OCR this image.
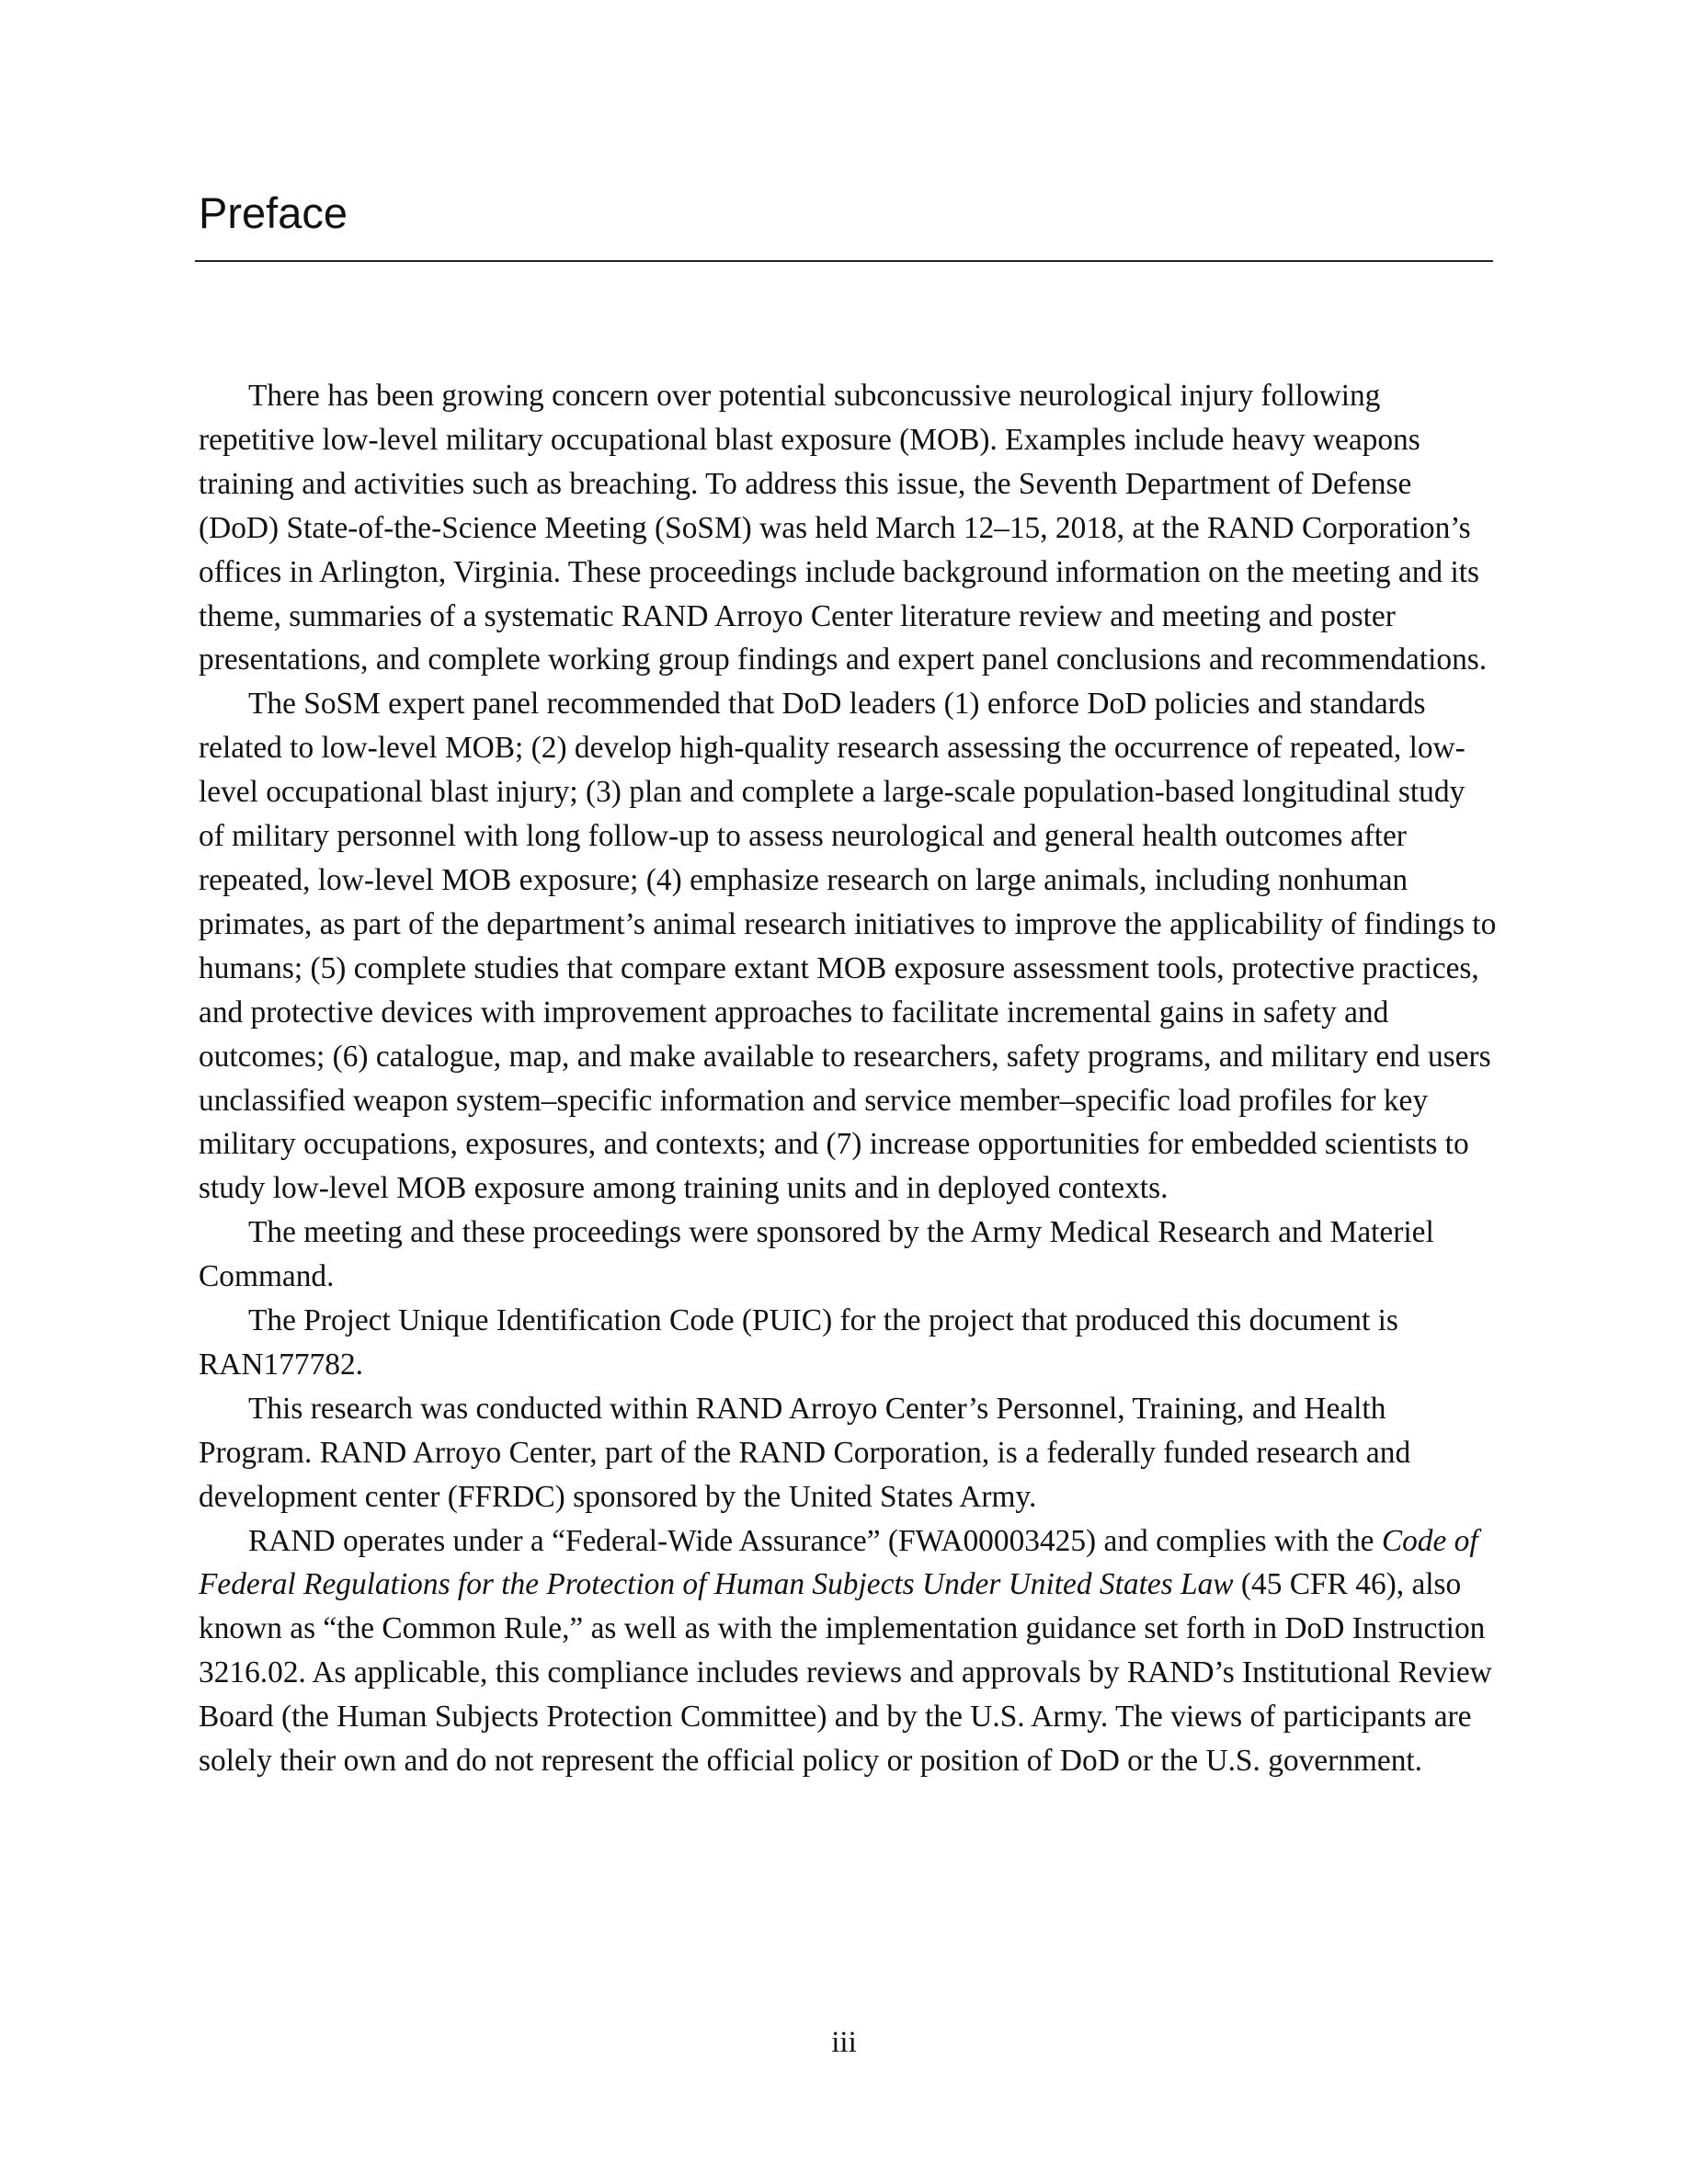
Preface

There has been growing concern over potential subconcussive neurological injury following repetitive low-level military occupational blast exposure (MOB). Examples include heavy weapons training and activities such as breaching. To address this issue, the Seventh Department of Defense (DoD) State-of-the-Science Meeting (SoSM) was held March 12–15, 2018, at the RAND Corporation’s offices in Arlington, Virginia. These proceedings include background information on the meeting and its theme, summaries of a systematic RAND Arroyo Center literature review and meeting and poster presentations, and complete working group findings and expert panel conclusions and recommendations.

The SoSM expert panel recommended that DoD leaders (1) enforce DoD policies and standards related to low-level MOB; (2) develop high-quality research assessing the occurrence of repeated, low-level occupational blast injury; (3) plan and complete a large-scale population-based longitudinal study of military personnel with long follow-up to assess neurological and general health outcomes after repeated, low-level MOB exposure; (4) emphasize research on large animals, including nonhuman primates, as part of the department’s animal research initiatives to improve the applicability of findings to humans; (5) complete studies that compare extant MOB exposure assessment tools, protective practices, and protective devices with improvement approaches to facilitate incremental gains in safety and outcomes; (6) catalogue, map, and make available to researchers, safety programs, and military end users unclassified weapon system–specific information and service member–specific load profiles for key military occupations, exposures, and contexts; and (7) increase opportunities for embedded scientists to study low-level MOB exposure among training units and in deployed contexts.

The meeting and these proceedings were sponsored by the Army Medical Research and Materiel Command.

The Project Unique Identification Code (PUIC) for the project that produced this document is RAN177782.

This research was conducted within RAND Arroyo Center’s Personnel, Training, and Health Program. RAND Arroyo Center, part of the RAND Corporation, is a federally funded research and development center (FFRDC) sponsored by the United States Army.

RAND operates under a “Federal-Wide Assurance” (FWA00003425) and complies with the Code of Federal Regulations for the Protection of Human Subjects Under United States Law (45 CFR 46), also known as “the Common Rule,” as well as with the implementation guidance set forth in DoD Instruction 3216.02. As applicable, this compliance includes reviews and approvals by RAND’s Institutional Review Board (the Human Subjects Protection Committee) and by the U.S. Army. The views of participants are solely their own and do not represent the official policy or position of DoD or the U.S. government.

iii
